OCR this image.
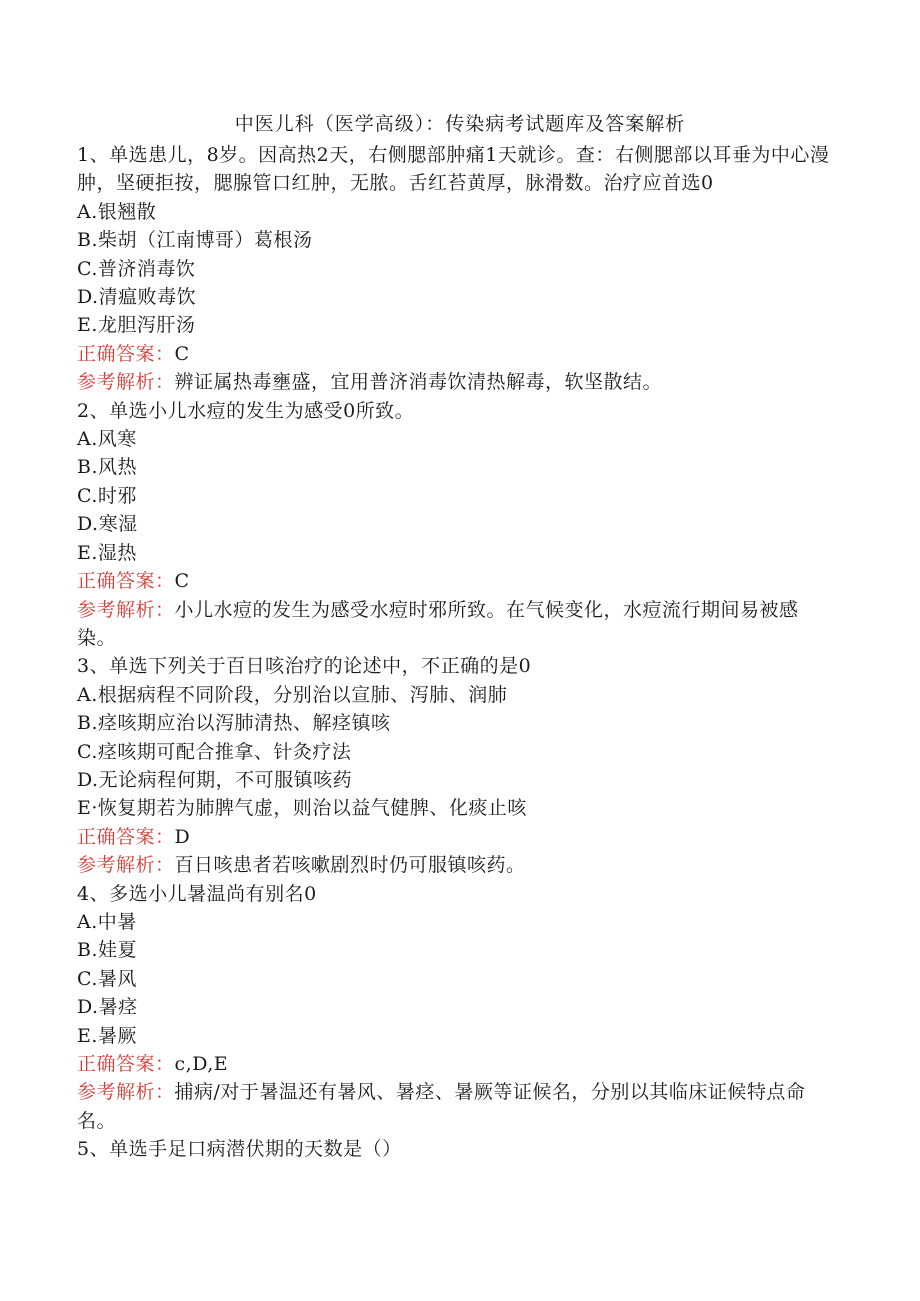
中医儿科（医学高级）：传染病考试题库及答案解析
1、单选患儿，8岁。因高热2天，右侧腮部肿痛1天就诊。查：右侧腮部以耳垂为中心漫肿，坚硬拒按，腮腺管口红肿，无脓。舌红苔黄厚，脉滑数。治疗应首选0
A.银翘散
B.柴胡（江南博哥）葛根汤
C.普济消毒饮
D.清瘟败毒饮
E.龙胆泻肝汤
正确答案：C
参考解析：辨证属热毒壅盛，宜用普济消毒饮清热解毒，软坚散结。
2、单选小儿水痘的发生为感受0所致。
A.风寒
B.风热
C.时邪
D.寒湿
E.湿热
正确答案：C
参考解析：小儿水痘的发生为感受水痘时邪所致。在气候变化，水痘流行期间易被感染。
3、单选下列关于百日咳治疗的论述中，不正确的是0
A.根据病程不同阶段，分别治以宣肺、泻肺、润肺
B.痉咳期应治以泻肺清热、解痉镇咳
C.痉咳期可配合推拿、针灸疗法
D.无论病程何期，不可服镇咳药
E·恢复期若为肺脾气虚，则治以益气健脾、化痰止咳
正确答案：D
参考解析：百日咳患者若咳嗽剧烈时仍可服镇咳药。
4、多选小儿暑温尚有别名0
A.中暑
B.娃夏
C.暑风
D.暑痉
E.暑厥
正确答案：c,D,E
参考解析：捕病/对于暑温还有暑风、暑痉、暑厥等证候名，分别以其临床证候特点命名。
5、单选手足口病潜伏期的天数是（）
